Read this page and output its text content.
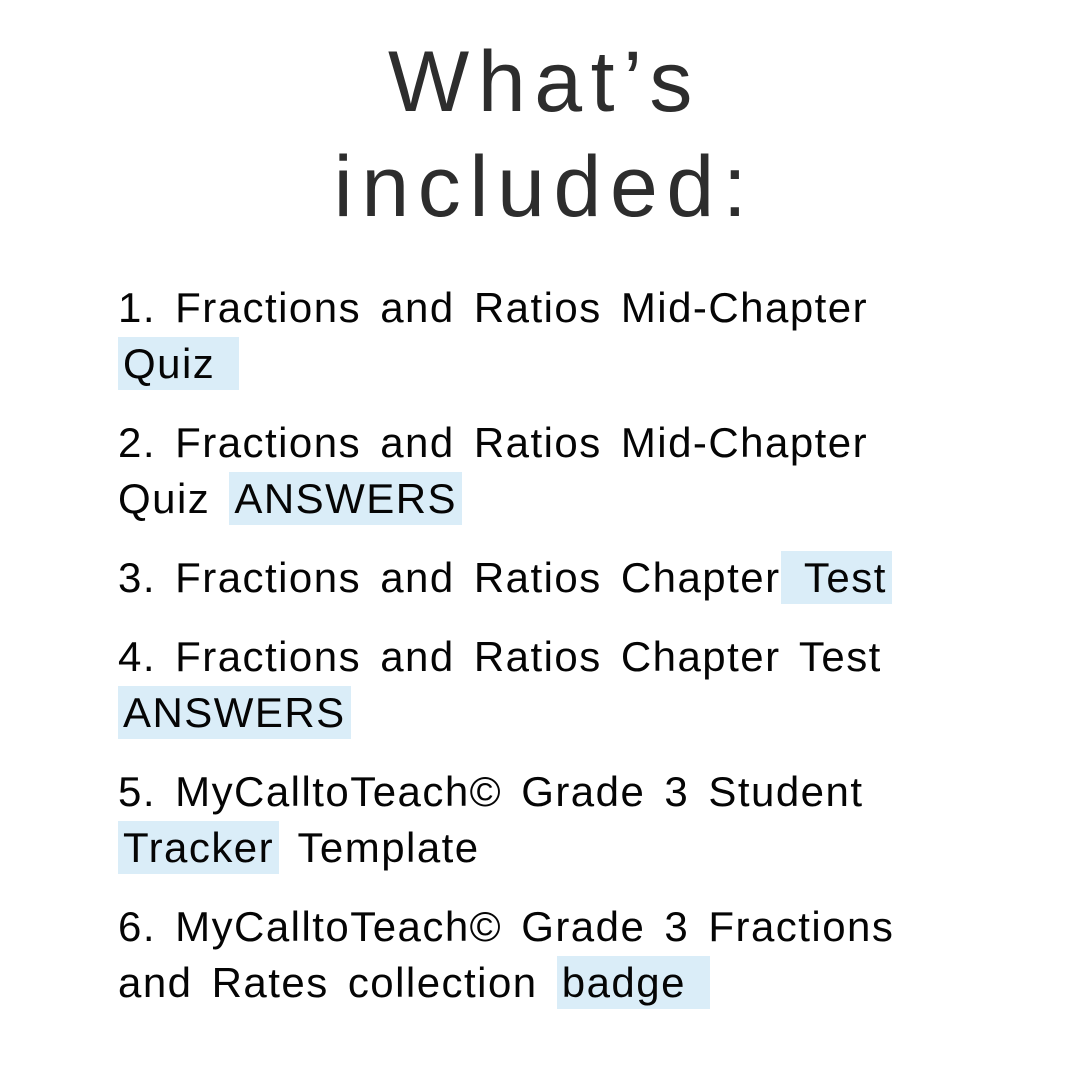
What’s
included:
1. Fractions and Ratios Mid-Chapter
Quiz
2. Fractions and Ratios Mid-Chapter
Quiz ANSWERS
3. Fractions and Ratios Chapter Test
4. Fractions and Ratios Chapter Test
ANSWERS
5. MyCalltoTeach© Grade 3 Student
Tracker Template
6. MyCalltoTeach© Grade 3 Fractions
and Rates collection badge
